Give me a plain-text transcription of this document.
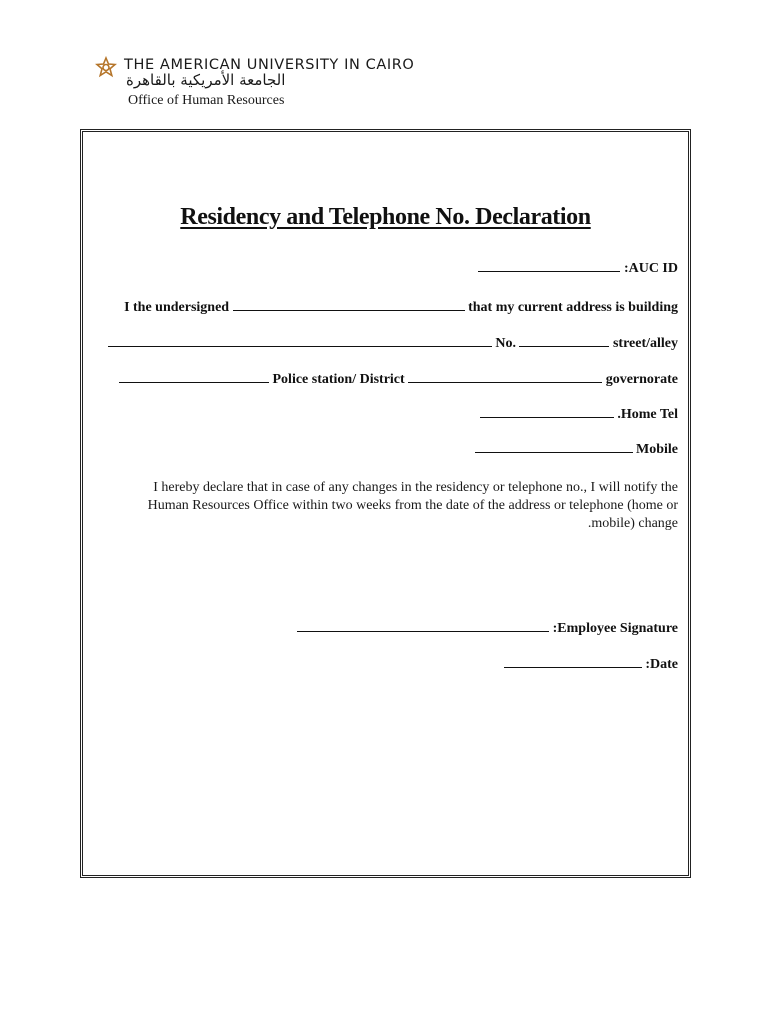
THE AMERICAN UNIVERSITY IN CAIRO
الجامعة الأمريكية بالقاهرة
Office of Human Resources
Residency and Telephone No. Declaration
:AUC ID
I the undersigned	that my current address is building
No.	street/alley
Police station/ District	governorate
.Home Tel
Mobile
I hereby declare that in case of any changes in the residency or telephone no., I will notify the
Human Resources Office within two weeks from the date of the address or telephone (home or
.mobile) change
:Employee Signature
:Date
